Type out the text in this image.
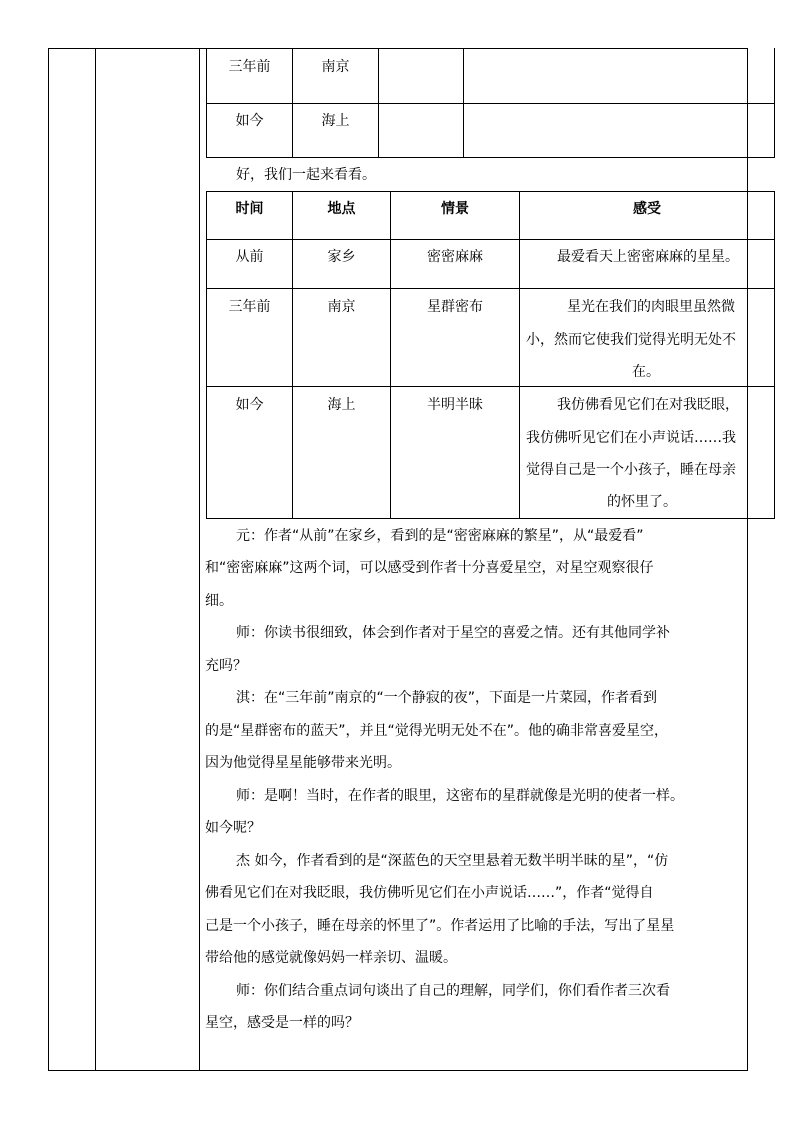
三年前	南京
如今	海上
好，我们一起来看看。
时间	地点	情景	感受
从前	家乡	密密麻麻	最爱看天上密密麻麻的星星。
三年前	南京	星群密布	星光在我们的肉眼里虽然微
小，然而它使我们觉得光明无处不
在。
如今	海上	半明半昧	我仿佛看见它们在对我眨眼，
我仿佛听见它们在小声说话……我
觉得自己是一个小孩子，睡在母亲
的怀里了。
元：作者“从前”在家乡，看到的是“密密麻麻的繁星”，从“最爱看”
和“密密麻麻”这两个词，可以感受到作者十分喜爱星空，对星空观察很仔
细。
师：你读书很细致，体会到作者对于星空的喜爱之情。还有其他同学补
充吗？
淇：在“三年前”南京的“一个静寂的夜”，下面是一片菜园，作者看到
的是“星群密布的蓝天”，并且“觉得光明无处不在”。他的确非常喜爱星空，
因为他觉得星星能够带来光明。
师：是啊！当时，在作者的眼里，这密布的星群就像是光明的使者一样。
如今呢？
杰 如今，作者看到的是“深蓝色的天空里悬着无数半明半昧的星”，“仿
佛看见它们在对我眨眼，我仿佛听见它们在小声说话……”，作者“觉得自
己是一个小孩子，睡在母亲的怀里了”。作者运用了比喻的手法，写出了星星
带给他的感觉就像妈妈一样亲切、温暖。
师：你们结合重点词句谈出了自己的理解，同学们，你们看作者三次看
星空，感受是一样的吗？
